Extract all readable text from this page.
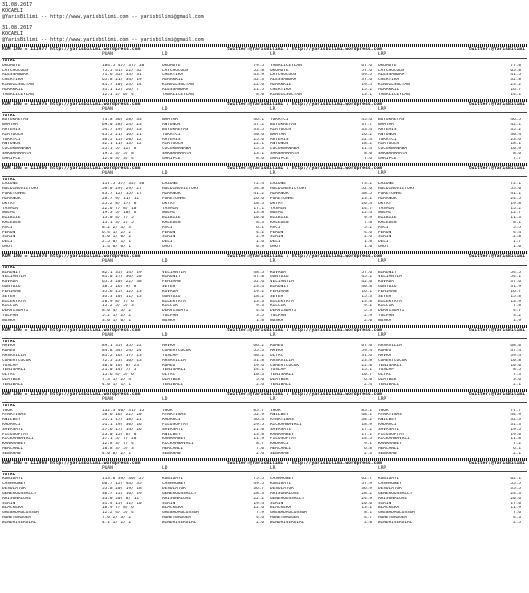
31.08.2017
KOCAELI
@YarisBilimi -- http://www.yarisbilimi.com -- yarisbilimi@gmail.com
31.08.2017
KOCAELI
@YarisBilimi -- http://www.yarisbilimi.com -- yarisbilimi@gmail.com
KUM ING = 111977 http://yarisbilimi.wordpress.com	twitter:@YarisBilimi : http://yarisbilimi.wordpress.com	twitter:@YarisBilimi
PUAN	LD	LR	LRP
TOTAL
OKOMOYE	104.5 47/ 37/ 30	OKOMOYE	79.5 YABALICEYLAN	67.6 OKOMOYE	77.8
LAYCHOCOUS	75.5 41/ 22/ 32	LAYCHOCOUS	52.8 OKOMOYE	57.6 LAYCHOCOUS	65.8
ALESSANDRA	71.6 35/ 33/ 31	CHERTIKA	43.9 LAYCHOCOUS	49.5 ALESSANDRA	41.5
CHERTIKA	65.8 21/ 34/ 19	MIRAKKIZ	32.3 ALESSANDRA	37.6 CHERTIKA	32.8
KINGILSULTAN	41.7 10/ 23/ 14	KINGILSULTAN	22.6 MIRAKKIZ	19.5 KINGILSULTAN	23.2
MIRAKKIZ	31.1 12/ 26/ 7	ALESSANDRA	21.5 CHERTIKA	15.2 MIRAKKIZ	16.7
YABALICEYLAN	12.1 2/ 0/ 4	YABALICEYLAN	8.0 KINGILSULTAN	13.1 YABALICEYLAN	14.1
KUM ING = 111975 http://yarisbilimi.wordpress.com	twitter:@YarisBilimi : http://yarisbilimi.wordpress.com	twitter:@YarisBilimi
PUAN	LD	LR	LRP
TOTAL
BUYUKREYAS	73.8 36/ 28/ 33	NAMTAR	46.1 TOKATCI	45.6 BUYUKREYAS	46.5
NAMTAR	69.0 28/ 24/ 23	ANTONOV	37.2 BUYUKREYAS	37.7 NAMTAR	42.1
ARTEMIS	54.7 19/ 16/ 13	BUYUKREYAS	33.5 AIRTOUCH	33.4 ARTEMIS	35.2
AIRTOUCH	45.5 21/ 16/ 21	TOKATCI	30.6 NAMTAR	26.2 ANTONOV	30.4
TOKATCI	38.5 15/ 20/ 12	ARTEMIS	25.6 ARTEMIS	22.4 TOKATCI	23.6
ANTONOV	32.1 11/ 13/ 12	AIRTOUCH	22.1 ANTONOV	18.2 AIRTOUCH	18.1
COCUKBANABA	25.1 5/ 12/ 8	COCUKBANABA	15.3 COCUKBANABA	11.4 COCUKBANABA	10.9
SAKNAMAMATA	19.2 3/ 5/ 8	SAKNAMAMATA	13.1 SAKNAMAMATA	8.0 SAKNAMAMATA	8.6
GARIPCE	12.0 3/ 3/ 4	GARIPCE	8.6 GARIPCE	7.6 GARIPCE	7.7
KUM ING = 111966 http://yarisbilimi.wordpress.com	twitter:@YarisBilimi : http://yarisbilimi.wordpress.com	twitter:@YarisBilimi
PUAN	LD	LR	LRP
TOTAL
LAZONE	117.5 37/ 32/ 30	LAZONE	72.4 LAZONE	73.2 LAZONE	72.1
HOLDINGVICTORY	58.0 29/ 29/ 27	HOLDINGVICTORY	54.8 HOLDINGVICTORY	52.6 HOLDINGVICTORY	55.0
FORETOMME	43.7 12/ 15/ 17	MIRANUR	41.2 MIRANUR	38.5 FORETOMME	41.1
MIRANUR	28.7 9/ 11/ 12	FORETOMME	26.6 FORETOMME	23.1 MIRANUR	24.5
OKTAY	25.2 8/ 17/ 8	OKTAY	18.5 OKTAY	20.4 OKTAY	19.8
YASMIN	22.0 7/ 8/ 10	YASMIN	17.1 YASMIN	14.7 YASMIN	15.2
NOEMI	19.3 5/ 10/ 6	NOEMI	13.8 NOEMI	12.4 NOEMI	12.7
BIZBIZE	15.0 4/ 7/ 5	BIZBIZE	10.0 BIZBIZE	9.9 BIZBIZE	11.3
KALEDEN	11.1 3/ 2/ 5	KALEDEN	8.3 KALEDEN	7.8 KALEDEN	8.1
AVCI	8.2 2/ 3/ 3	AVCI	6.1 AVCI	5.2 AVCI	5.5
PERON	6.4 1/ 2/ 2	PERON	4.2 PERON	4.6 PERON	4.4
SIRIN	4.0 1/ 0/ 2	SIRIN	2.9 SIRIN	2.6 SIRIN	2.8
DELI	2.5 0/ 1/ 1	DELI	1.6 DELI	1.8 DELI	1.7
UMUT	1.4 0/ 0/ 1	UMUT	0.9 UMUT	1.0 UMUT	1.0
KUM ING = 111978 http://yarisbilimi.wordpress.com	twitter:@YarisBilimi : http://yarisbilimi.wordpress.com	twitter:@YarisBilimi
PUAN	LD	LR	LRP
TOTAL
BIRUNIT	82.1 35/ 14/ 19	VELIANTIM	48.5 KOVADA	57.6 BIRUNIT	54.5
VELIANTIM	81.0 27/ 36/ 20	BIRUNIT	47.8 GUNYUZU	45.2 VELIANTIM	54.1
KOVADA	65.3 20/ 22/ 30	FEHIMAN	32.6 VELIANTIM	42.0 KOVADA	37.6
GUNYUZU	38.5 16/ 9/ 8	SEYEH	23.4 BIRUNIT	40.8 GUNYUZU	31.9
FEHIMAN	35.6 15/ 12/ 13	KOVADA	19.2 FEHIMAN	16.1 FEHIMAN	16.7
SEYEH	33.3 10/ 11/ 13	GUNYUZU	18.2 SEYEH	15.3 SEYEH	15.8
BILEKYATA	20.9 8/ 7/ 6	BILEKYATA	13.3 BILEKYATA	13.8 BILEKYATA	13.9
KILCIK	15.2 5/ 5/ 3	KILCIK	9.3 KILCIK	9.1 KILCIK	7.8
DERVISDAYI	8.0 4/ 3/ 2	DERVISDAYI	4.6 DERVISDAYI	5.3 DERVISDAYI	4.7
TULPAN	5.2 1/ 2/ 2	TULPAN	3.5 TULPAN	2.9 TULPAN	3.2
NUSKA	3.0 1/ 0/ 1	NUSKA	1.8 NUSKA	2.0 NUSKA	1.9
KUM ING = 111974 http://yarisbilimi.wordpress.com	twitter:@YarisBilimi : http://yarisbilimi.wordpress.com	twitter:@YarisBilimi
PUAN	LD	LR	LRP
TOTAL
MAVRA	89.1 35/ 35/ 22	MAVRA	66.2 ROMEO	67.0 ARSAVILIM	68.0
ROMEO	84.8 34/ 24/ 24	COMERTCOCUK	55.3 MAVRA	59.4 ROMEO	47.4
ARSAVILIM	81.2 16/ 17/ 13	TOSLAP	40.2 OLTAC	31.6 MAVRA	39.4
COMERTCOCUK	72.5 23/ 16/ 13	ARSAVILIM	31.8 ARSAVILIM	23.8 COMERTCOCUK	10.8
TOSLAP	30.0 16/ 8/ 23	ROMEO	19.6 COMERTCOCUK	22.0 YENISARLI	10.0
YENISARLI	21.0 14/ 7/ 5	YENISARLI	14.1 TOSLAP	15.1 TOSLAP	8.5
OLTAC	15.6 4/ 5/ 6	OLTAC	10.3 YENISARLI	10.7 OLTAC	7.3
OZAYBEK	7.3 1/ 2/ 4	OZAYBEK	5.0 OZAYBEK	6.0 OZAYBEK	3.6
YENIBALI	4.0 1/ 1/ 1	YENIBALI	2.6 YENIBALI	2.4 YENIBALI	2.1
KUM ING = 111973 http://yarisbilimi.wordpress.com	twitter:@YarisBilimi : http://yarisbilimi.wordpress.com	twitter:@YarisBilimi
PUAN	LD	LR	LRP
TOTAL
THOR	132.3 40/ 31/ 15	THOR	85.7 THOR	85.1 THOR	77.7
AYNATINAS	58.6 16/ 22/ 20	AYNATINAS	52.9 ANILBEY	48.1 AYNATINAS	44.9
ANILBEY	51.1 17/ 18/ 21	RADARCI	36.3 AYNATINAS	38.2 ANILBEY	32.3
RADARCI	51.1 19/ 30/ 16	FILOSOFTAY	29.5 RICKAHNAVALI	18.9 RADARCI	31.3
SAVASATI	27.6 17/ 14/ 26	SAVASATI	21.0 SAVASATI	17.2 SAVASATI	19.5
FILOSOFTAY	23.0 15/ 6/ 8	ANILBEY	13.8 KANAMABEY	17.1 FILOSOFTAY	19.0
RICKAHNAVALI	17.1 5/ 7/ 20	KANAMABEY	11.9 FILOSOFTAY	14.5 RICKAHNAVALI	11.8
KANAMABEY	12.8 3/ 7/ 4	RICKAHNAVALI	8.7 RADARCI	9.1 KANAMABEY	7.2
MERCANLI	10.8 3/ 5/ 3	MERCANLI	7.0 MERCANLI	6.8 MERCANLI	6.1
SEBAHAN	4.0 0/ 2/ 1	SEBAHAN	2.6 SEBAHAN	2.3 SEBAHAN	2.1
KUM ING = 111968 http://yarisbilimi.wordpress.com	twitter:@YarisBilimi : http://yarisbilimi.wordpress.com	twitter:@YarisBilimi
PUAN	LD	LR	LRP
TOTAL
KUBIDAYI	113.0 39/ 30/ 27	KUBIDAYI	75.5 CASHMONEY	62.7 KUBIDAYI	62.1
CASHMONEY	66.7 12/ 44/ 35	CASHMONEY	49.5 KUBIDAYI	57.9 CASHMONEY	55.5
DESOLATOR	55.0 20/ 19/ 18	DESOLATOR	36.7 DESOLATOR	36.9 DESOLATOR	35.5
GENEROUSSALLY	36.7 15/ 16/ 19	GENEROUSSALLY	28.3 ARISONALOVE	28.2 GENEROUSSALLY	24.3
ARISONALOVE	33.0 20/ 8/ 11	ARISONALOVE	22.2 GENEROUSSALLY	24.9 ARISONALOVE	20.6
SIRIN	31.4 15/ 11/ 10	SIRIN	19.4 SIRIN	20.0 SIRIN	17.0
BLACKERA	18.9 7/ 8/ 6	BLACKERA	12.6 BLACKERA	13.1 BLACKERA	11.9
GRENADAGLOSSOM	12.2 4/ 5/ 4	GRENADAGLOSSOM	7.9 GRENADAGLOSSOM	8.1 GRENADAGLOSSOM	7.6
HONEYBADGER	7.0 2/ 3/ 2	HONEYBADGER	4.6 HONEYBADGER	4.7 HONEYBADGER	4.3
WINDRIVERGIRL	4.1 1/ 2/ 1	WINDRIVERGIRL	2.6 WINDRIVERGIRL	2.8 WINDRIVERGIRL	2.5
